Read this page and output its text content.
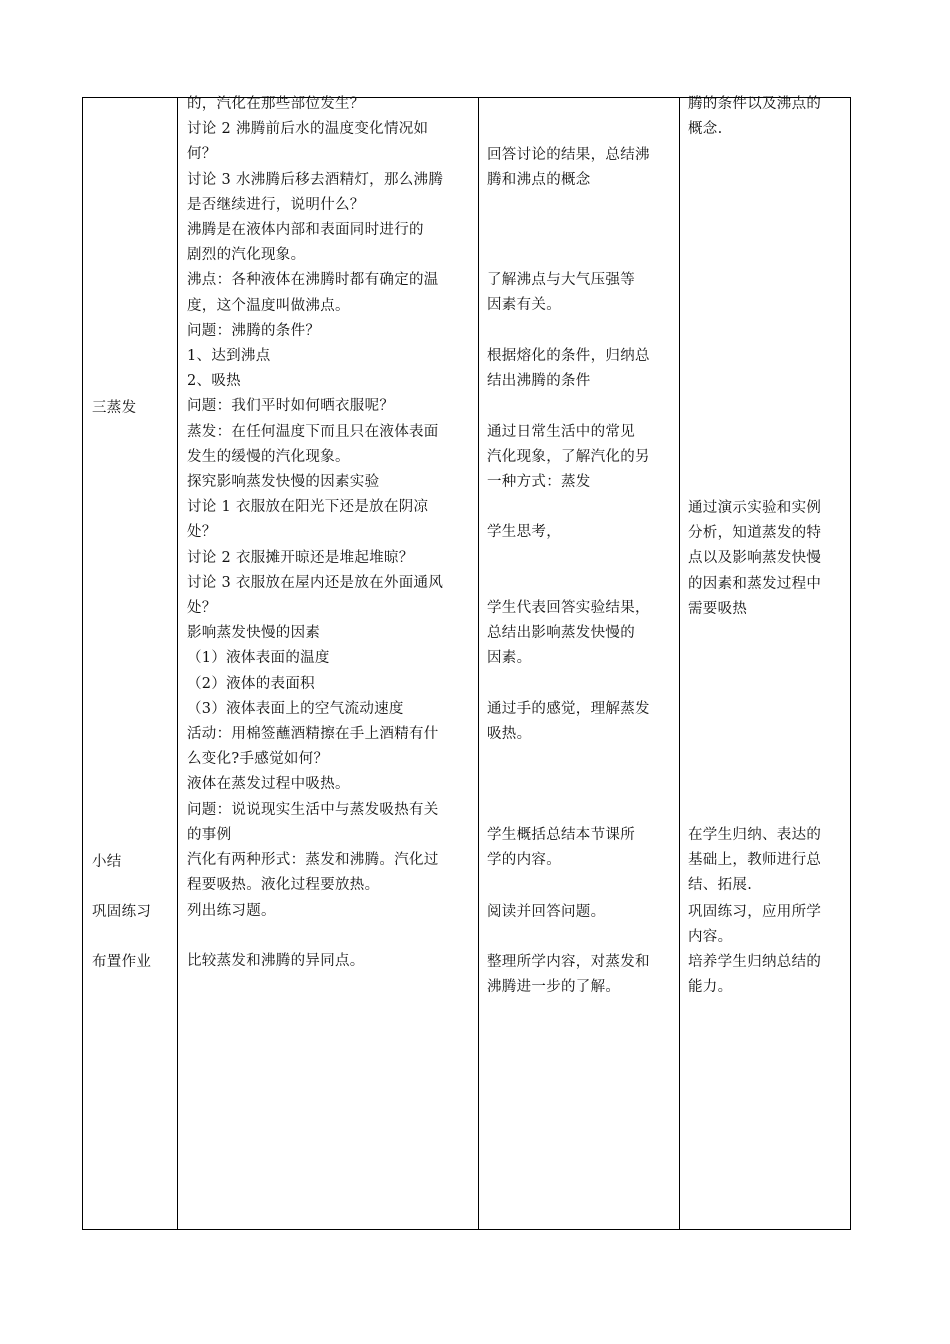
三蒸发
小结
巩固练习
布置作业
的，汽化在那些部位发生？
讨论 2 沸腾前后水的温度变化情况如
何？
讨论 3 水沸腾后移去酒精灯，那么沸腾
是否继续进行，说明什么？
沸腾是在液体内部和表面同时进行的
剧烈的汽化现象。
沸点：各种液体在沸腾时都有确定的温
度，这个温度叫做沸点。
问题：沸腾的条件？
1、达到沸点
2、吸热
问题：我们平时如何晒衣服呢？
蒸发：在任何温度下而且只在液体表面
发生的缓慢的汽化现象。
探究影响蒸发快慢的因素实验
讨论 1 衣服放在阳光下还是放在阴凉
处？
讨论 2 衣服摊开晾还是堆起堆晾？
讨论 3 衣服放在屋内还是放在外面通风
处？
影响蒸发快慢的因素
（1）液体表面的温度
（2）液体的表面积
（3）液体表面上的空气流动速度
活动：用棉签蘸酒精擦在手上酒精有什
么变化?手感觉如何？
液体在蒸发过程中吸热。
问题：说说现实生活中与蒸发吸热有关
的事例
汽化有两种形式：蒸发和沸腾。汽化过
程要吸热。液化过程要放热。
列出练习题。
比较蒸发和沸腾的异同点。
回答讨论的结果，总结沸
腾和沸点的概念
了解沸点与大气压强等
因素有关。
根据熔化的条件，归纳总
结出沸腾的条件
通过日常生活中的常见
汽化现象，了解汽化的另
一种方式：蒸发
学生思考，
学生代表回答实验结果，
总结出影响蒸发快慢的
因素。
通过手的感觉，理解蒸发
吸热。
学生概括总结本节课所
学的内容。
阅读并回答问题。
整理所学内容，对蒸发和
沸腾进一步的了解。
腾的条件以及沸点的
概念.
通过演示实验和实例
分析，知道蒸发的特
点以及影响蒸发快慢
的因素和蒸发过程中
需要吸热
在学生归纳、表达的
基础上，教师进行总
结、拓展.
巩固练习，应用所学
内容。
培养学生归纳总结的
能力。
